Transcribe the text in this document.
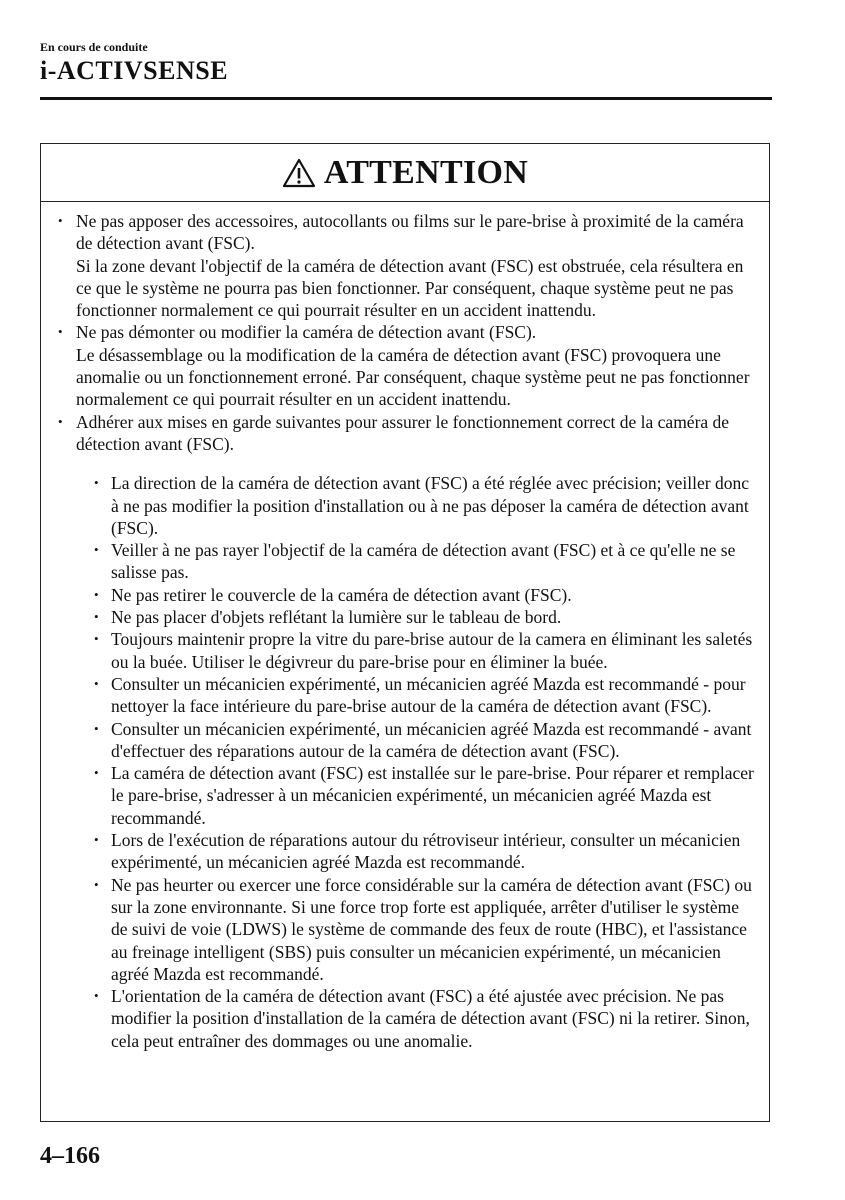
En cours de conduite
i-ACTIVSENSE
ATTENTION
• Ne pas apposer des accessoires, autocollants ou films sur le pare-brise à proximité de la caméra de détection avant (FSC).
Si la zone devant l'objectif de la caméra de détection avant (FSC) est obstruée, cela résultera en ce que le système ne pourra pas bien fonctionner. Par conséquent, chaque système peut ne pas fonctionner normalement ce qui pourrait résulter en un accident inattendu.
• Ne pas démonter ou modifier la caméra de détection avant (FSC).
Le désassemblage ou la modification de la caméra de détection avant (FSC) provoquera une anomalie ou un fonctionnement erroné. Par conséquent, chaque système peut ne pas fonctionner normalement ce qui pourrait résulter en un accident inattendu.
• Adhérer aux mises en garde suivantes pour assurer le fonctionnement correct de la caméra de détection avant (FSC).
• La direction de la caméra de détection avant (FSC) a été réglée avec précision; veiller donc à ne pas modifier la position d'installation ou à ne pas déposer la caméra de détection avant (FSC).
• Veiller à ne pas rayer l'objectif de la caméra de détection avant (FSC) et à ce qu'elle ne se salisse pas.
• Ne pas retirer le couvercle de la caméra de détection avant (FSC).
• Ne pas placer d'objets reflétant la lumière sur le tableau de bord.
• Toujours maintenir propre la vitre du pare-brise autour de la camera en éliminant les saletés ou la buée. Utiliser le dégivreur du pare-brise pour en éliminer la buée.
• Consulter un mécanicien expérimenté, un mécanicien agréé Mazda est recommandé - pour nettoyer la face intérieure du pare-brise autour de la caméra de détection avant (FSC).
• Consulter un mécanicien expérimenté, un mécanicien agréé Mazda est recommandé - avant d'effectuer des réparations autour de la caméra de détection avant (FSC).
• La caméra de détection avant (FSC) est installée sur le pare-brise. Pour réparer et remplacer le pare-brise, s'adresser à un mécanicien expérimenté, un mécanicien agréé Mazda est recommandé.
• Lors de l'exécution de réparations autour du rétroviseur intérieur, consulter un mécanicien expérimenté, un mécanicien agréé Mazda est recommandé.
• Ne pas heurter ou exercer une force considérable sur la caméra de détection avant (FSC) ou sur la zone environnante. Si une force trop forte est appliquée, arrêter d'utiliser le système de suivi de voie (LDWS) le système de commande des feux de route (HBC), et l'assistance au freinage intelligent (SBS) puis consulter un mécanicien expérimenté, un mécanicien agréé Mazda est recommandé.
• L'orientation de la caméra de détection avant (FSC) a été ajustée avec précision. Ne pas modifier la position d'installation de la caméra de détection avant (FSC) ni la retirer. Sinon, cela peut entraîner des dommages ou une anomalie.
4–166
